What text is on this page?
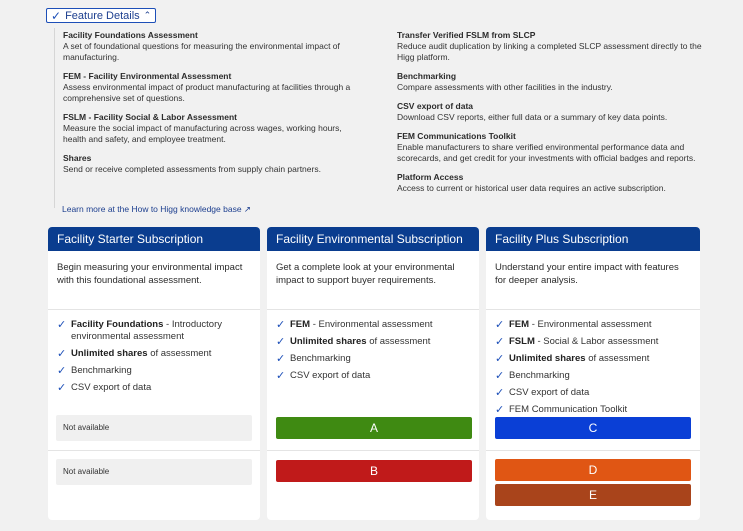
✓ Feature Details ⌃
Facility Foundations Assessment

A set of foundational questions for measuring the environmental impact of manufacturing.

FEM - Facility Environmental Assessment

Assess environmental impact of product manufacturing at facilities through a comprehensive set of questions.

FSLM - Facility Social & Labor Assessment

Measure the social impact of manufacturing across wages, working hours, health and safety, and employee treatment.

Shares

Send or receive completed assessments from supply chain partners.

Transfer Verified FSLM from SLCP

Reduce audit duplication by linking a completed SLCP assessment directly to the Higg platform.

Benchmarking

Compare assessments with other facilities in the industry.

CSV export of data

Download CSV reports, either full data or a summary of key data points.

FEM Communications Toolkit

Enable manufacturers to share verified environmental performance data and scorecards, and get credit for your investments with official badges and reports.

Platform Access

Access to current or historical user data requires an active subscription.

Learn more at the How to Higg knowledge base ↗
Facility Starter Subscription
Begin measuring your environmental impact with this foundational assessment.
✓ Facility Foundations - Introductory environmental assessment
✓ Unlimited shares of assessment
✓ Benchmarking
✓ CSV export of data
Not available
Not available
Facility Environmental Subscription
Get a complete look at your environmental impact to support buyer requirements.
✓ FEM - Environmental assessment
✓ Unlimited shares of assessment
✓ Benchmarking
✓ CSV export of data
A
B
Facility Plus Subscription
Understand your entire impact with features for deeper analysis.
✓ FEM - Environmental assessment
✓ FSLM - Social & Labor assessment
✓ Unlimited shares of assessment
✓ Benchmarking
✓ CSV export of data
✓ FEM Communication Toolkit
C
D
E
